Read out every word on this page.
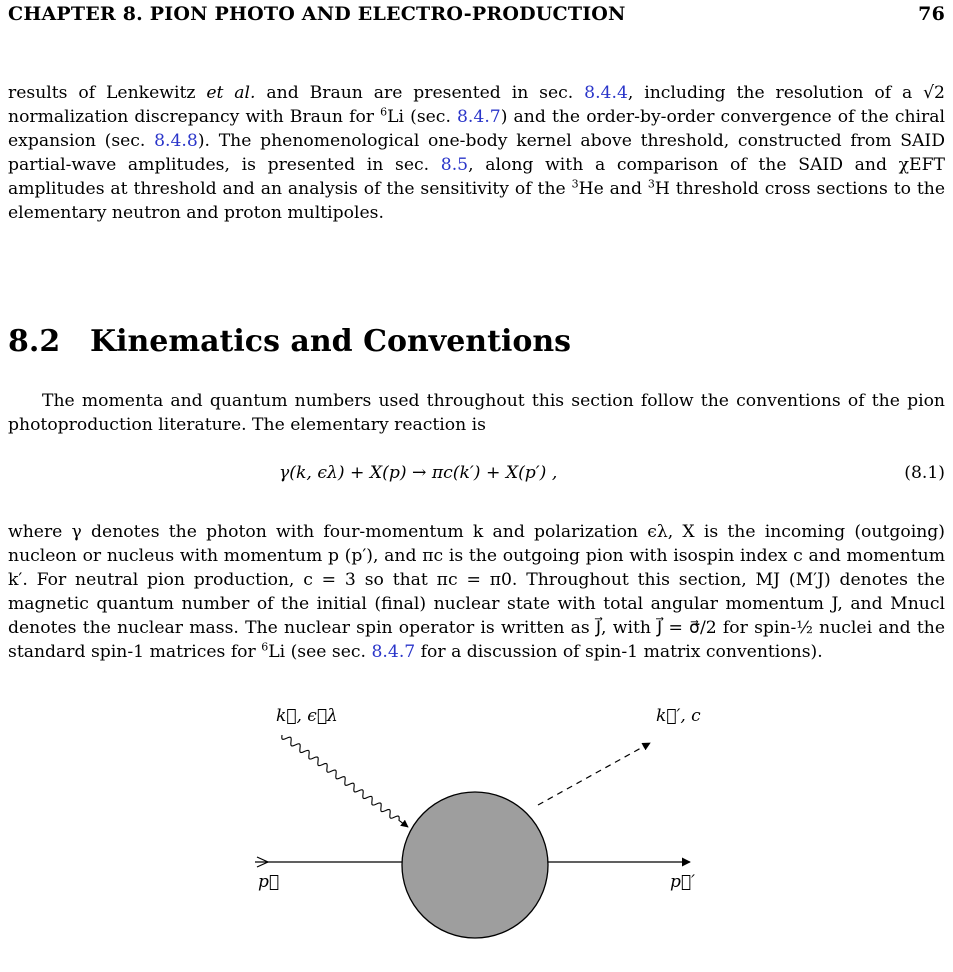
CHAPTER 8. PION PHOTO AND ELECTRO-PRODUCTION	76

results of Lenkewitz et al. and Braun are presented in sec. 8.4.4, including the resolution of a √2 normalization discrepancy with Braun for $^6$Li (sec. 8.4.7) and the order-by-order convergence of the chiral expansion (sec. 8.4.8). The phenomenological one-body kernel above threshold, constructed from SAID partial-wave amplitudes, is presented in sec. 8.5, along with a comparison of the SAID and χEFT amplitudes at threshold and an analysis of the sensitivity of the $^3$He and $^3$H threshold cross sections to the elementary neutron and proton multipoles.

8.2 Kinematics and Conventions

The momenta and quantum numbers used throughout this section follow the conventions of the pion photoproduction literature. The elementary reaction is

γ(k, ϵλ) + X(p) → πc(k′) + X(p′) ,	(8.1)

where γ denotes the photon with four-momentum k and polarization ϵλ, X is the incoming (outgoing) nucleon or nucleus with momentum p (p′), and πc is the outgoing pion with isospin index c and momentum k′. For neutral pion production, c = 3 so that πc = π0. Throughout this section, MJ (M′J) denotes the magnetic quantum number of the initial (final) nuclear state with total angular momentum J, and Mnucl denotes the nuclear mass. The nuclear spin operator is written as J⃗, with J⃗ = σ⃗/2 for spin-½ nuclei and the standard spin-1 matrices for $^6$Li (see sec. 8.4.7 for a discussion of spin-1 matrix conventions).

k⃗, ϵ⃗λ	k⃗′, c
p⃗	p⃗′
